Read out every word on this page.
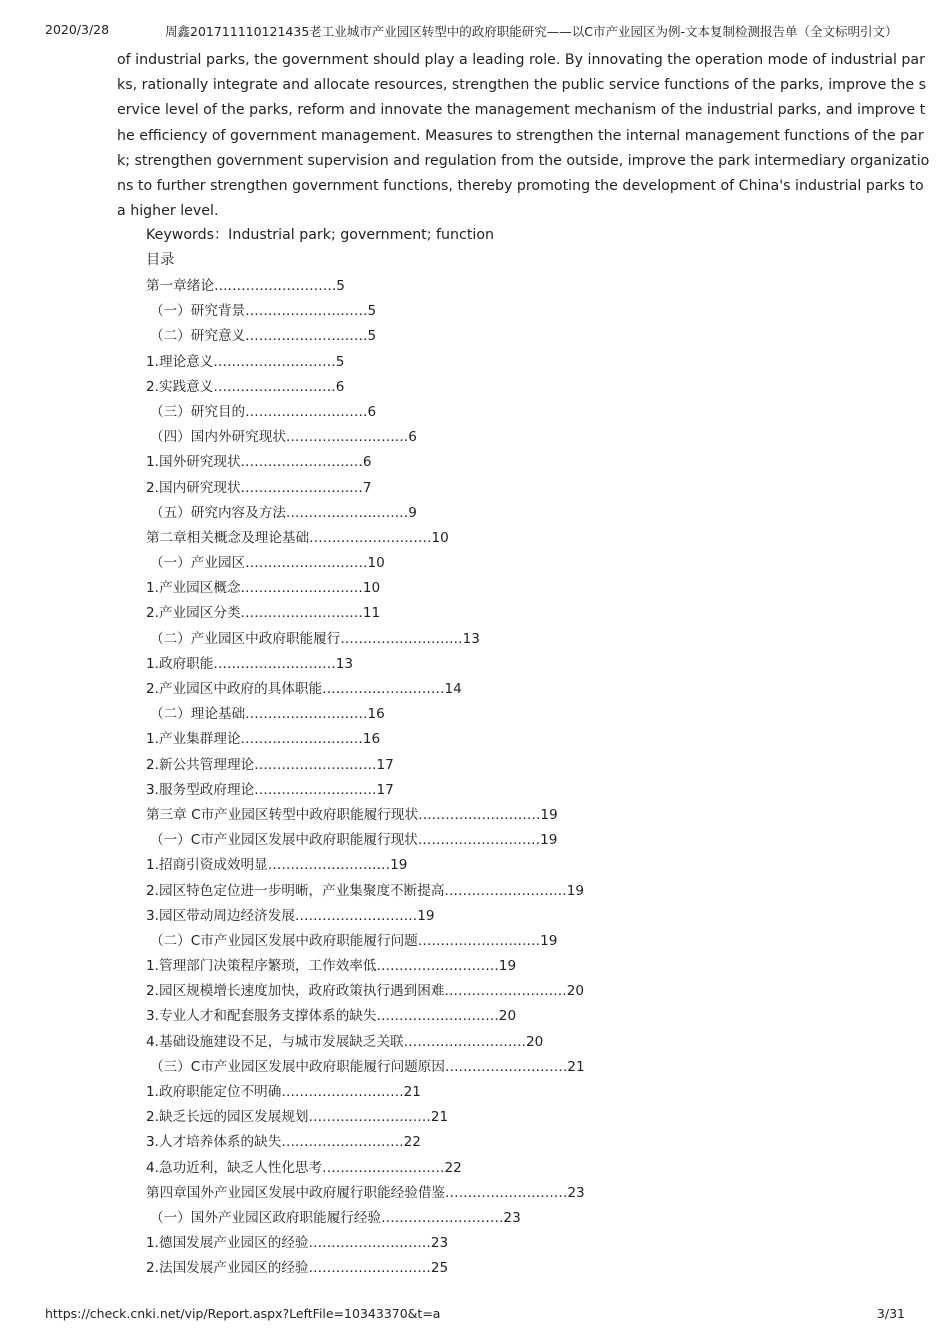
2020/3/28	周鑫201711110121435老工业城市产业园区转型中的政府职能研究——以C市产业园区为例-文本复制检测报告单（全文标明引文）
of industrial parks, the government should play a leading role. By innovating the operation mode of industrial par
ks, rationally integrate and allocate resources, strengthen the public service functions of the parks, improve the s
ervice level of the parks, reform and innovate the management mechanism of the industrial parks, and improve t
he efficiency of government management. Measures to strengthen the internal management functions of the par
k; strengthen government supervision and regulation from the outside, improve the park intermediary organizatio
ns to further strengthen government functions, thereby promoting the development of China's industrial parks to
a higher level.
Keywords：Industrial park; government; function
目录
第一章绪论………………………5
（一）研究背景………………………5
（二）研究意义………………………5
1.理论意义………………………5
2.实践意义………………………6
（三）研究目的………………………6
（四）国内外研究现状………………………6
1.国外研究现状………………………6
2.国内研究现状………………………7
（五）研究内容及方法………………………9
第二章相关概念及理论基础………………………10
（一）产业园区………………………10
1.产业园区概念………………………10
2.产业园区分类………………………11
（二）产业园区中政府职能履行………………………13
1.政府职能………………………13
2.产业园区中政府的具体职能………………………14
（二）理论基础………………………16
1.产业集群理论………………………16
2.新公共管理理论………………………17
3.服务型政府理论………………………17
第三章 C市产业园区转型中政府职能履行现状………………………19
（一）C市产业园区发展中政府职能履行现状………………………19
1.招商引资成效明显………………………19
2.园区特色定位进一步明晰，产业集聚度不断提高………………………19
3.园区带动周边经济发展………………………19
（二）C市产业园区发展中政府职能履行问题………………………19
1.管理部门决策程序繁琐，工作效率低………………………19
2.园区规模增长速度加快，政府政策执行遇到困难………………………20
3.专业人才和配套服务支撑体系的缺失………………………20
4.基础设施建设不足，与城市发展缺乏关联………………………20
（三）C市产业园区发展中政府职能履行问题原因………………………21
1.政府职能定位不明确………………………21
2.缺乏长远的园区发展规划………………………21
3.人才培养体系的缺失………………………22
4.急功近利，缺乏人性化思考………………………22
第四章国外产业园区发展中政府履行职能经验借鉴………………………23
（一）国外产业园区政府职能履行经验………………………23
1.德国发展产业园区的经验………………………23
2.法国发展产业园区的经验………………………25
https://check.cnki.net/vip/Report.aspx?LeftFile=10343370&t=a	3/31
